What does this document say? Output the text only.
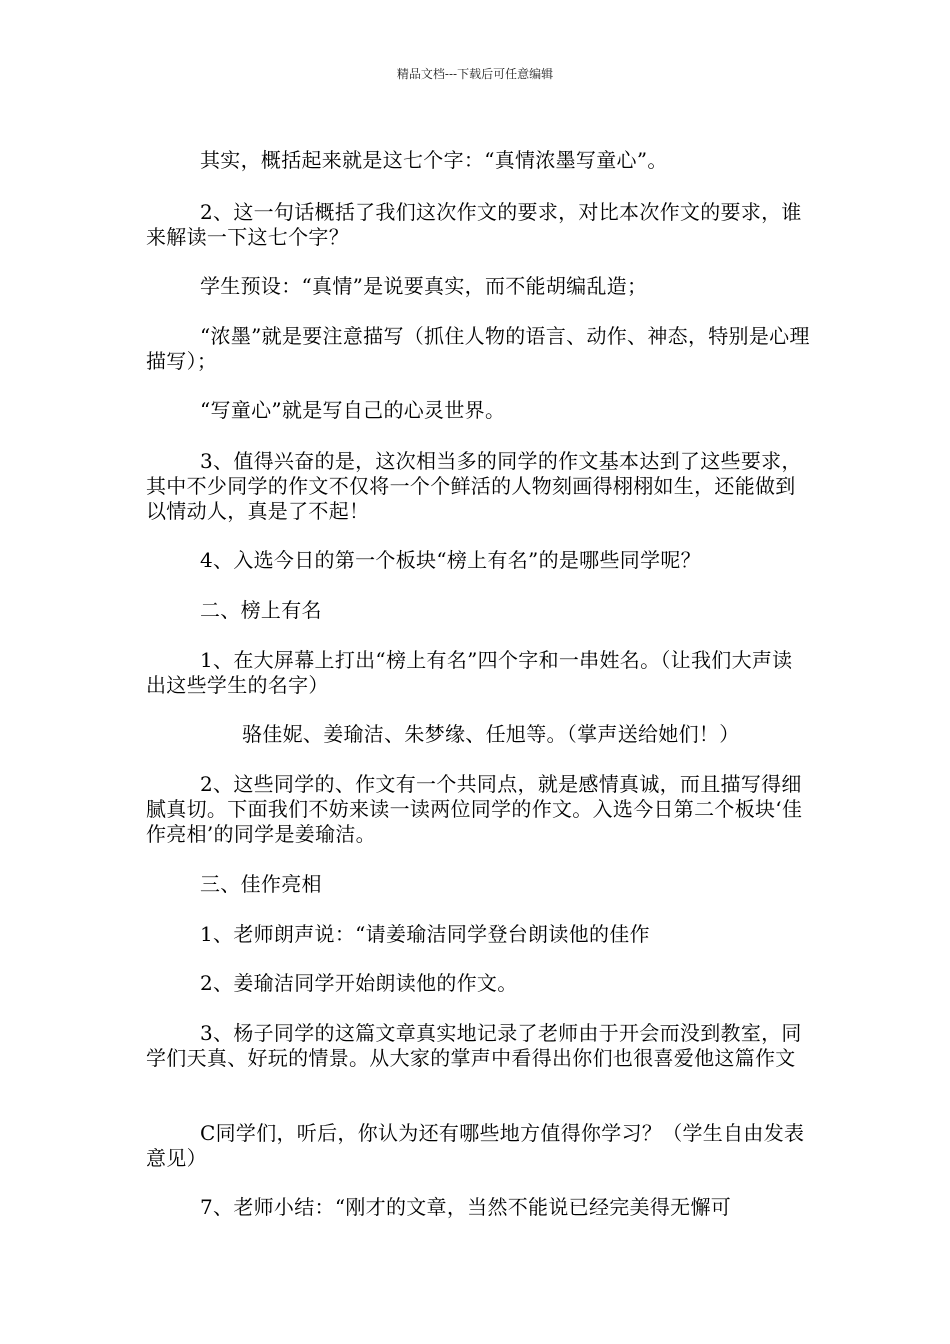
精品文档---下载后可任意编辑

其实，概括起来就是这七个字：“真情浓墨写童心”。

2、这一句话概括了我们这次作文的要求，对比本次作文的要求，谁来解读一下这七个字？

学生预设：“真情”是说要真实，而不能胡编乱造；

“浓墨”就是要注意描写（抓住人物的语言、动作、神态，特别是心理描写）；

“写童心”就是写自己的心灵世界。

3、值得兴奋的是，这次相当多的同学的作文基本达到了这些要求，其中不少同学的作文不仅将一个个鲜活的人物刻画得栩栩如生，还能做到以情动人，真是了不起！

4、入选今日的第一个板块“榜上有名”的是哪些同学呢？

二、榜上有名

1、在大屏幕上打出“榜上有名”四个字和一串姓名。（让我们大声读出这些学生的名字）

骆佳妮、姜瑜洁、朱梦缘、任旭等。（掌声送给她们！）

2、这些同学的、作文有一个共同点，就是感情真诚，而且描写得细腻真切。下面我们不妨来读一读两位同学的作文。入选今日第二个板块‘佳作亮相’的同学是姜瑜洁。

三、佳作亮相

1、老师朗声说：“请姜瑜洁同学登台朗读他的佳作

2、姜瑜洁同学开始朗读他的作文。

3、杨子同学的这篇文章真实地记录了老师由于开会而没到教室，同学们天真、好玩的情景。从大家的掌声中看得出你们也很喜爱他这篇作文

C同学们，听后，你认为还有哪些地方值得你学习？（学生自由发表意见）

7、老师小结：“刚才的文章，当然不能说已经完美得无懈可
